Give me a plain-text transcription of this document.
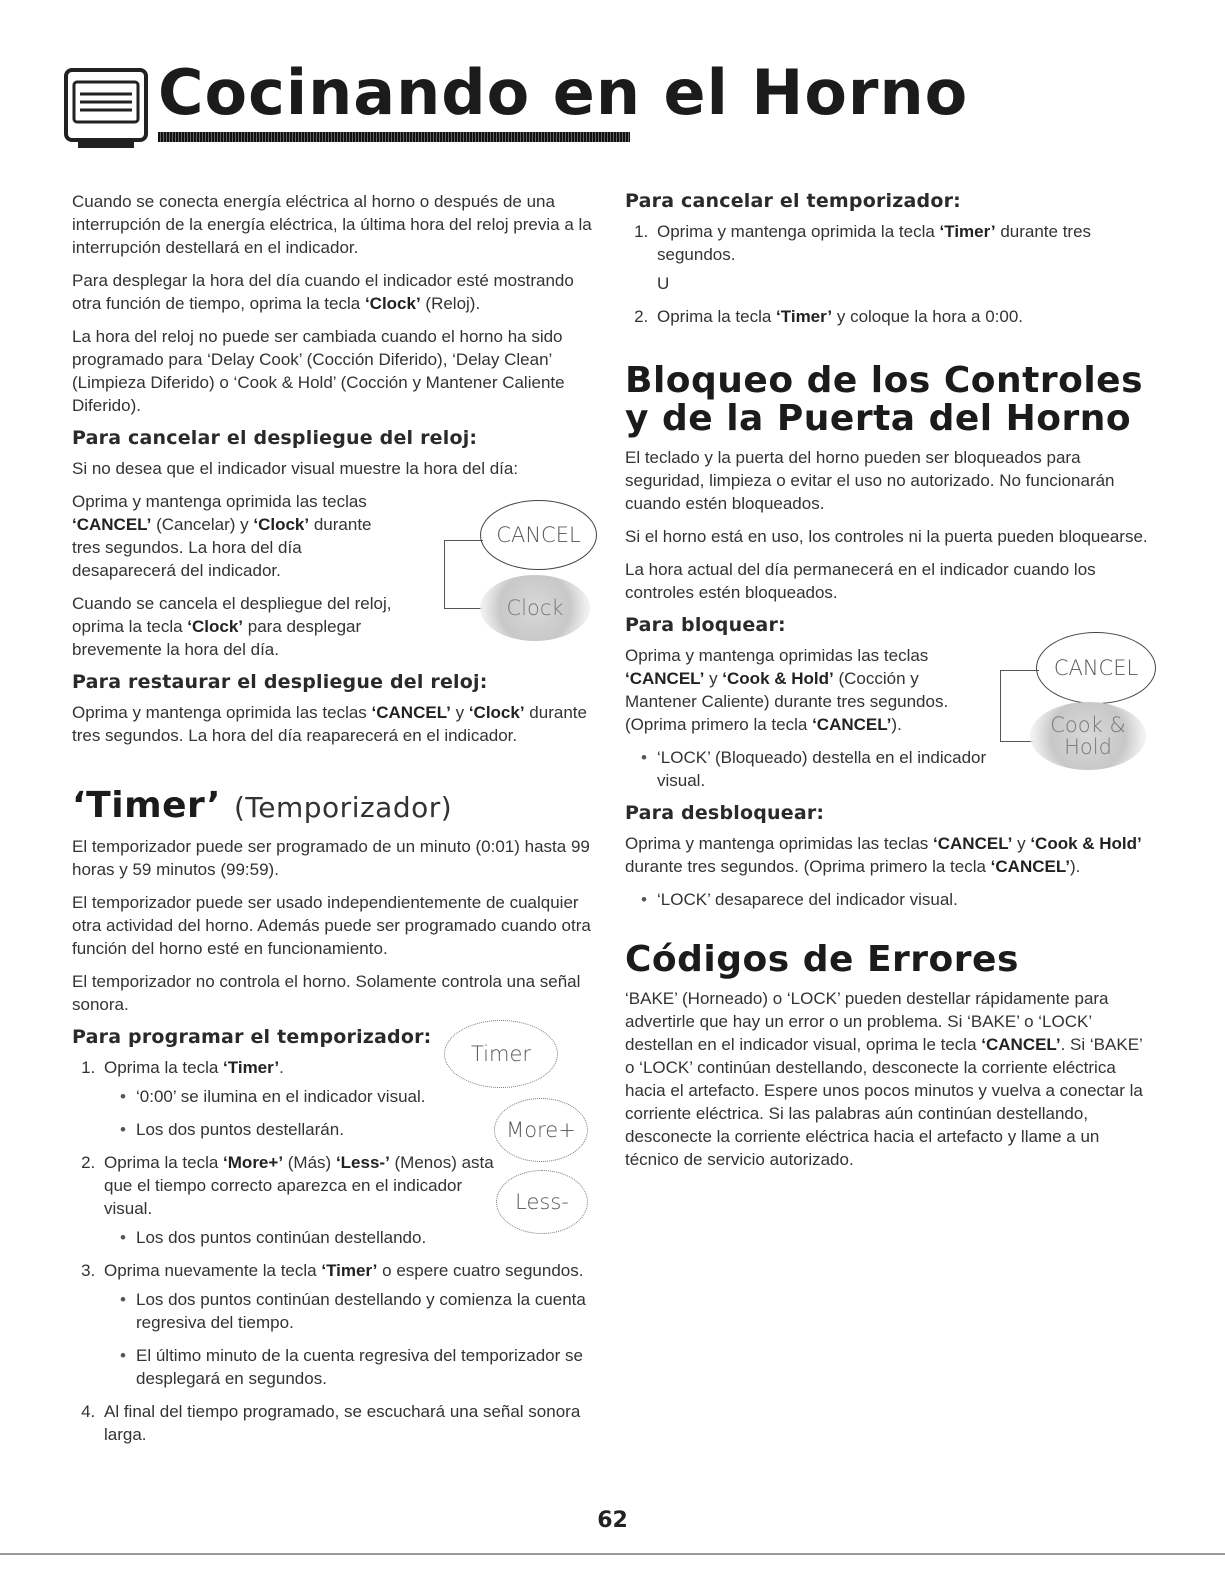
Cocinando en el Horno

Cuando se conecta energía eléctrica al horno o después de una interrupción de la energía eléctrica, la última hora del reloj previa a la interrupción destellará en el indicador.

Para desplegar la hora del día cuando el indicador esté mostrando otra función de tiempo, oprima la tecla ‘Clock’ (Reloj).

La hora del reloj no puede ser cambiada cuando el horno ha sido programado para ‘Delay Cook’ (Cocción Diferido), ‘Delay Clean’ (Limpieza Diferido) o ‘Cook & Hold’ (Cocción y Mantener Caliente Diferido).

Para cancelar el despliegue del reloj:

Si no desea que el indicador visual muestre la hora del día:

Oprima y mantenga oprimida las teclas ‘CANCEL’ (Cancelar) y ‘Clock’ durante tres segundos. La hora del día desaparecerá del indicador.

Cuando se cancela el despliegue del reloj, oprima la tecla ‘Clock’ para desplegar brevemente la hora del día.

Para restaurar el despliegue del reloj:

Oprima y mantenga oprimida las teclas ‘CANCEL’ y ‘Clock’ durante tres segundos. La hora del día reaparecerá en el indicador.

‘Timer’ (Temporizador)

El temporizador puede ser programado de un minuto (0:01) hasta 99 horas y 59 minutos (99:59).

El temporizador puede ser usado independientemente de cualquier otra actividad del horno. Además puede ser programado cuando otra función del horno esté en funcionamiento.

El temporizador no controla el horno. Solamente controla una señal sonora.

Para programar el temporizador:
1. Oprima la tecla ‘Timer’.
• ‘0:00’ se ilumina en el indicador visual.
• Los dos puntos destellarán.
2. Oprima la tecla ‘More+’ (Más) ‘Less-’ (Menos) asta que el tiempo correcto aparezca en el indicador visual.
• Los dos puntos continúan destellando.
3. Oprima nuevamente la tecla ‘Timer’ o espere cuatro segundos.
• Los dos puntos continúan destellando y comienza la cuenta regresiva del tiempo.
• El último minuto de la cuenta regresiva del temporizador se desplegará en segundos.
4. Al final del tiempo programado, se escuchará una señal sonora larga.
CANCEL
Clock
Timer
More+
Less-
Para cancelar el temporizador:
1. Oprima y mantenga oprimida la tecla ‘Timer’ durante tres segundos.
U
2. Oprima la tecla ‘Timer’ y coloque la hora a 0:00.
Bloqueo de los Controles y de la Puerta del Horno

El teclado y la puerta del horno pueden ser bloqueados para seguridad, limpieza o evitar el uso no autorizado. No funcionarán cuando estén bloqueados.

Si el horno está en uso, los controles ni la puerta pueden bloquearse.

La hora actual del día permanecerá en el indicador cuando los controles estén bloqueados.

Para bloquear:

Oprima y mantenga oprimidas las teclas ‘CANCEL’ y ‘Cook & Hold’ (Cocción y Mantener Caliente) durante tres segundos. (Oprima primero la tecla ‘CANCEL’).

• ‘LOCK’ (Bloqueado) destella en el indicador visual.
Para desbloquear:

Oprima y mantenga oprimidas las teclas ‘CANCEL’ y ‘Cook & Hold’ durante tres segundos. (Oprima primero la tecla ‘CANCEL’).

• ‘LOCK’ desaparece del indicador visual.
Códigos de Errores

‘BAKE’ (Horneado) o ‘LOCK’ pueden destellar rápidamente para advertirle que hay un error o un problema. Si ‘BAKE’ o ‘LOCK’ destellan en el indicador visual, oprima le tecla ‘CANCEL’. Si ‘BAKE’ o ‘LOCK’ continúan destellando, desconecte la corriente eléctrica hacia el artefacto. Espere unos pocos minutos y vuelva a conectar la corriente eléctrica. Si las palabras aún continúan destellando, desconecte la corriente eléctrica hacia el artefacto y llame a un técnico de servicio autorizado.

CANCEL
Cook &
Hold
62
